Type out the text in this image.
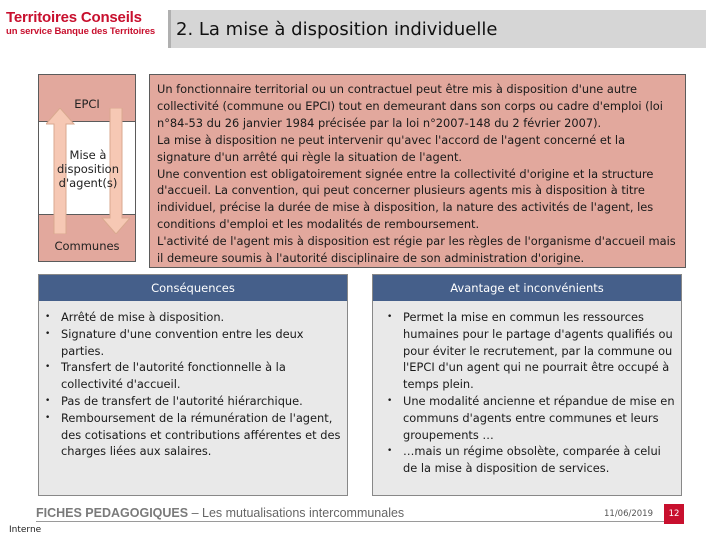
Territoires Conseils
un service Banque des Territoires	2. La mise à disposition individuelle
EPCI
Communes
Mise à disposition d'agent(s)

Un fonctionnaire territorial ou un contractuel peut être mis à disposition d'une autre collectivité (commune ou EPCI) tout en demeurant dans son corps ou cadre d'emploi (loi n°84-53 du 26 janvier 1984 précisée par la loi n°2007-148 du 2 février 2007).

La mise à disposition ne peut intervenir qu'avec l'accord de l'agent concerné et la signature d'un arrêté qui règle la situation de l'agent.

Une convention est obligatoirement signée entre la collectivité d'origine et la structure d'accueil. La convention, qui peut concerner plusieurs agents mis à disposition à titre individuel, précise la durée de mise à disposition, la nature des activités de l'agent, les conditions d'emploi et les modalités de remboursement.

L'activité de l'agent mis à disposition est régie par les règles de l'organisme d'accueil mais il demeure soumis à l'autorité disciplinaire de son administration d'origine.

Conséquences
• Arrêté de mise à disposition.
• Signature d'une convention entre les deux parties.
• Transfert de l'autorité fonctionnelle à la collectivité d'accueil.
• Pas de transfert de l'autorité hiérarchique.
• Remboursement de la rémunération de l'agent, des cotisations et contributions afférentes et des charges liées aux salaires.
Avantage et inconvénients
• Permet la mise en commun les ressources humaines pour le partage d'agents qualifiés ou pour éviter le recrutement, par la commune ou l'EPCI d'un agent qui ne pourrait être occupé à temps plein.
• Une modalité ancienne et répandue de mise en communs d'agents entre communes et leurs groupements …
• …mais un régime obsolète, comparée à celui de la mise à disposition de services.
FICHES PEDAGOGIQUES – Les mutualisations intercommunales	11/06/2019	12
Interne
